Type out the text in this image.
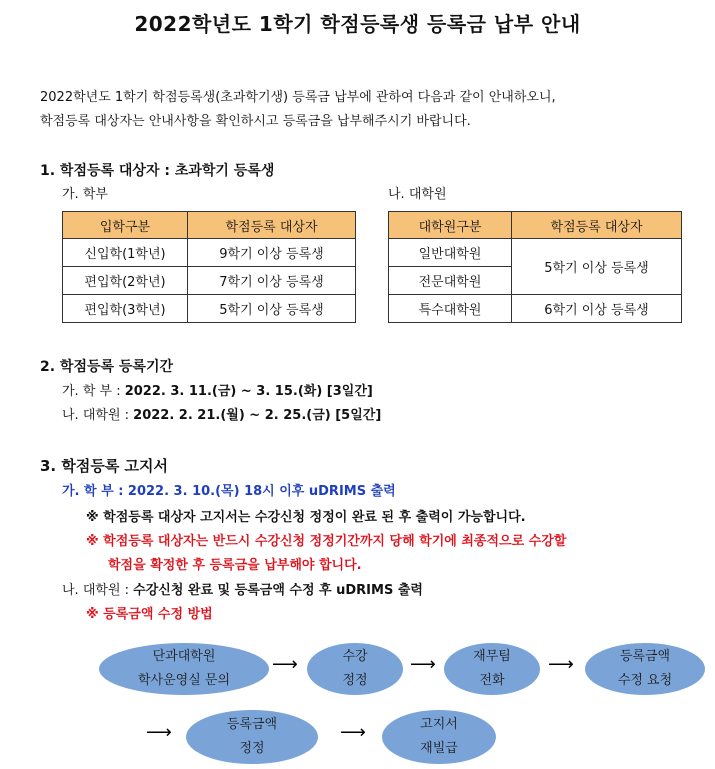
2022학년도 1학기 학점등록생 등록금 납부 안내
2022학년도 1학기 학점등록생(초과학기생) 등록금 납부에 관하여 다음과 같이 안내하오니,
학점등록 대상자는 안내사항을 확인하시고 등록금을 납부해주시기 바랍니다.
1. 학점등록 대상자 : 초과학기 등록생
가. 학부	나. 대학원
입학구분	학점등록 대상자
신입학(1학년)	9학기 이상 등록생
편입학(2학년)	7학기 이상 등록생
편입학(3학년)	5학기 이상 등록생
대학원구분	학점등록 대상자
일반대학원	5학기 이상 등록생
전문대학원	
특수대학원	6학기 이상 등록생
2. 학점등록 등록기간
가. 학 부 : 2022. 3. 11.(금) ~ 3. 15.(화) [3일간]
나. 대학원 : 2022. 2. 21.(월) ~ 2. 25.(금) [5일간]
3. 학점등록 고지서
가. 학 부 : 2022. 3. 10.(목) 18시 이후 uDRIMS 출력
※ 학점등록 대상자 고지서는 수강신청 정정이 완료 된 후 출력이 가능합니다.
※ 학점등록 대상자는 반드시 수강신청 정정기간까지 당해 학기에 최종적으로 수강할
학점을 확정한 후 등록금을 납부해야 합니다.
나. 대학원 : 수강신청 완료 및 등록금액 수정 후 uDRIMS 출력
※ 등록금액 수정 방법
단과대학원
학사운영실 문의
⟶	수강
정정
⟶	재무팀
전화
⟶	등록금액
수정 요청
⟶	등록금액
정정
⟶	고지서
재빌급
